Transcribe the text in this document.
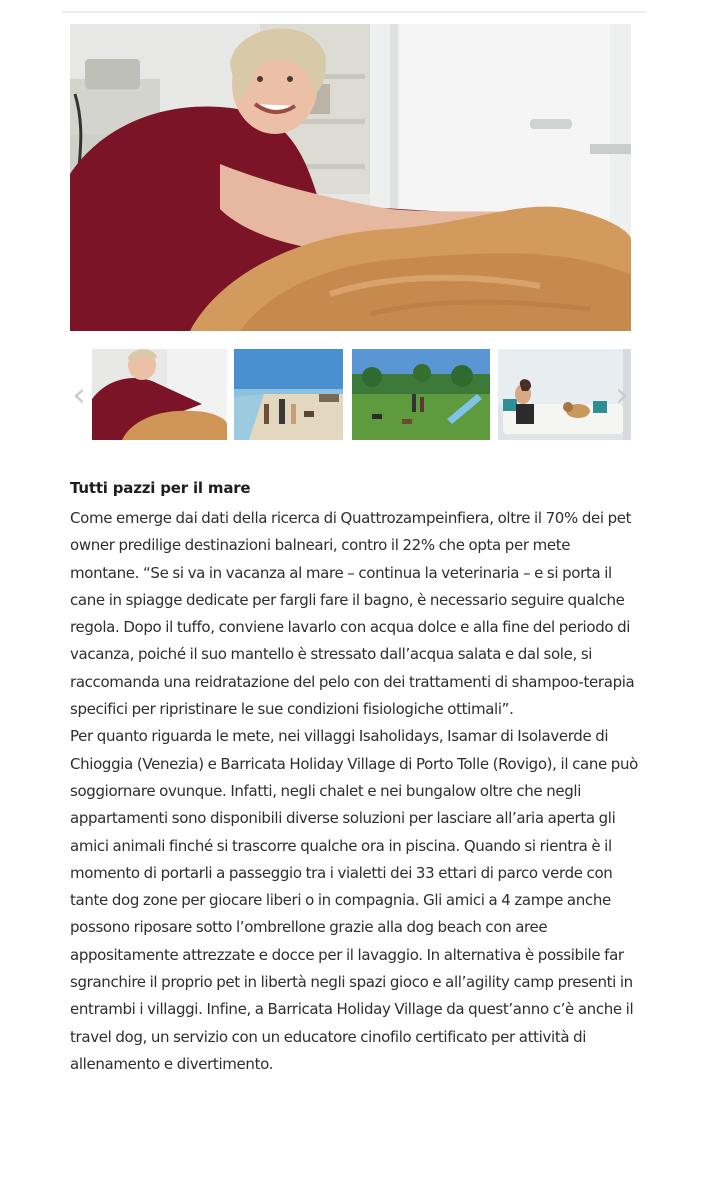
‹	›
Tutti pazzi per il mare

Come emerge dai dati della ricerca di Quattrozampeinfiera, oltre il 70% dei pet owner predilige destinazioni balneari, contro il 22% che opta per mete montane. “Se si va in vacanza al mare – continua la veterinaria – e si porta il cane in spiagge dedicate per fargli fare il bagno, è necessario seguire qualche regola. Dopo il tuffo, conviene lavarlo con acqua dolce e alla fine del periodo di vacanza, poiché il suo mantello è stressato dall’acqua salata e dal sole, si raccomanda una reidratazione del pelo con dei trattamenti di shampoo-terapia specifici per ripristinare le sue condizioni fisiologiche ottimali”.

Per quanto riguarda le mete, nei villaggi Isaholidays, Isamar di Isolaverde di Chioggia (Venezia) e Barricata Holiday Village di Porto Tolle (Rovigo), il cane può soggiornare ovunque. Infatti, negli chalet e nei bungalow oltre che negli appartamenti sono disponibili diverse soluzioni per lasciare all’aria aperta gli amici animali finché si trascorre qualche ora in piscina. Quando si rientra è il momento di portarli a passeggio tra i vialetti dei 33 ettari di parco verde con tante dog zone per giocare liberi o in compagnia. Gli amici a 4 zampe anche possono riposare sotto l’ombrellone grazie alla dog beach con aree appositamente attrezzate e docce per il lavaggio. In alternativa è possibile far sgranchire il proprio pet in libertà negli spazi gioco e all’agility camp presenti in entrambi i villaggi. Infine, a Barricata Holiday Village da quest’anno c’è anche il travel dog, un servizio con un educatore cinofilo certificato per attività di allenamento e divertimento.
